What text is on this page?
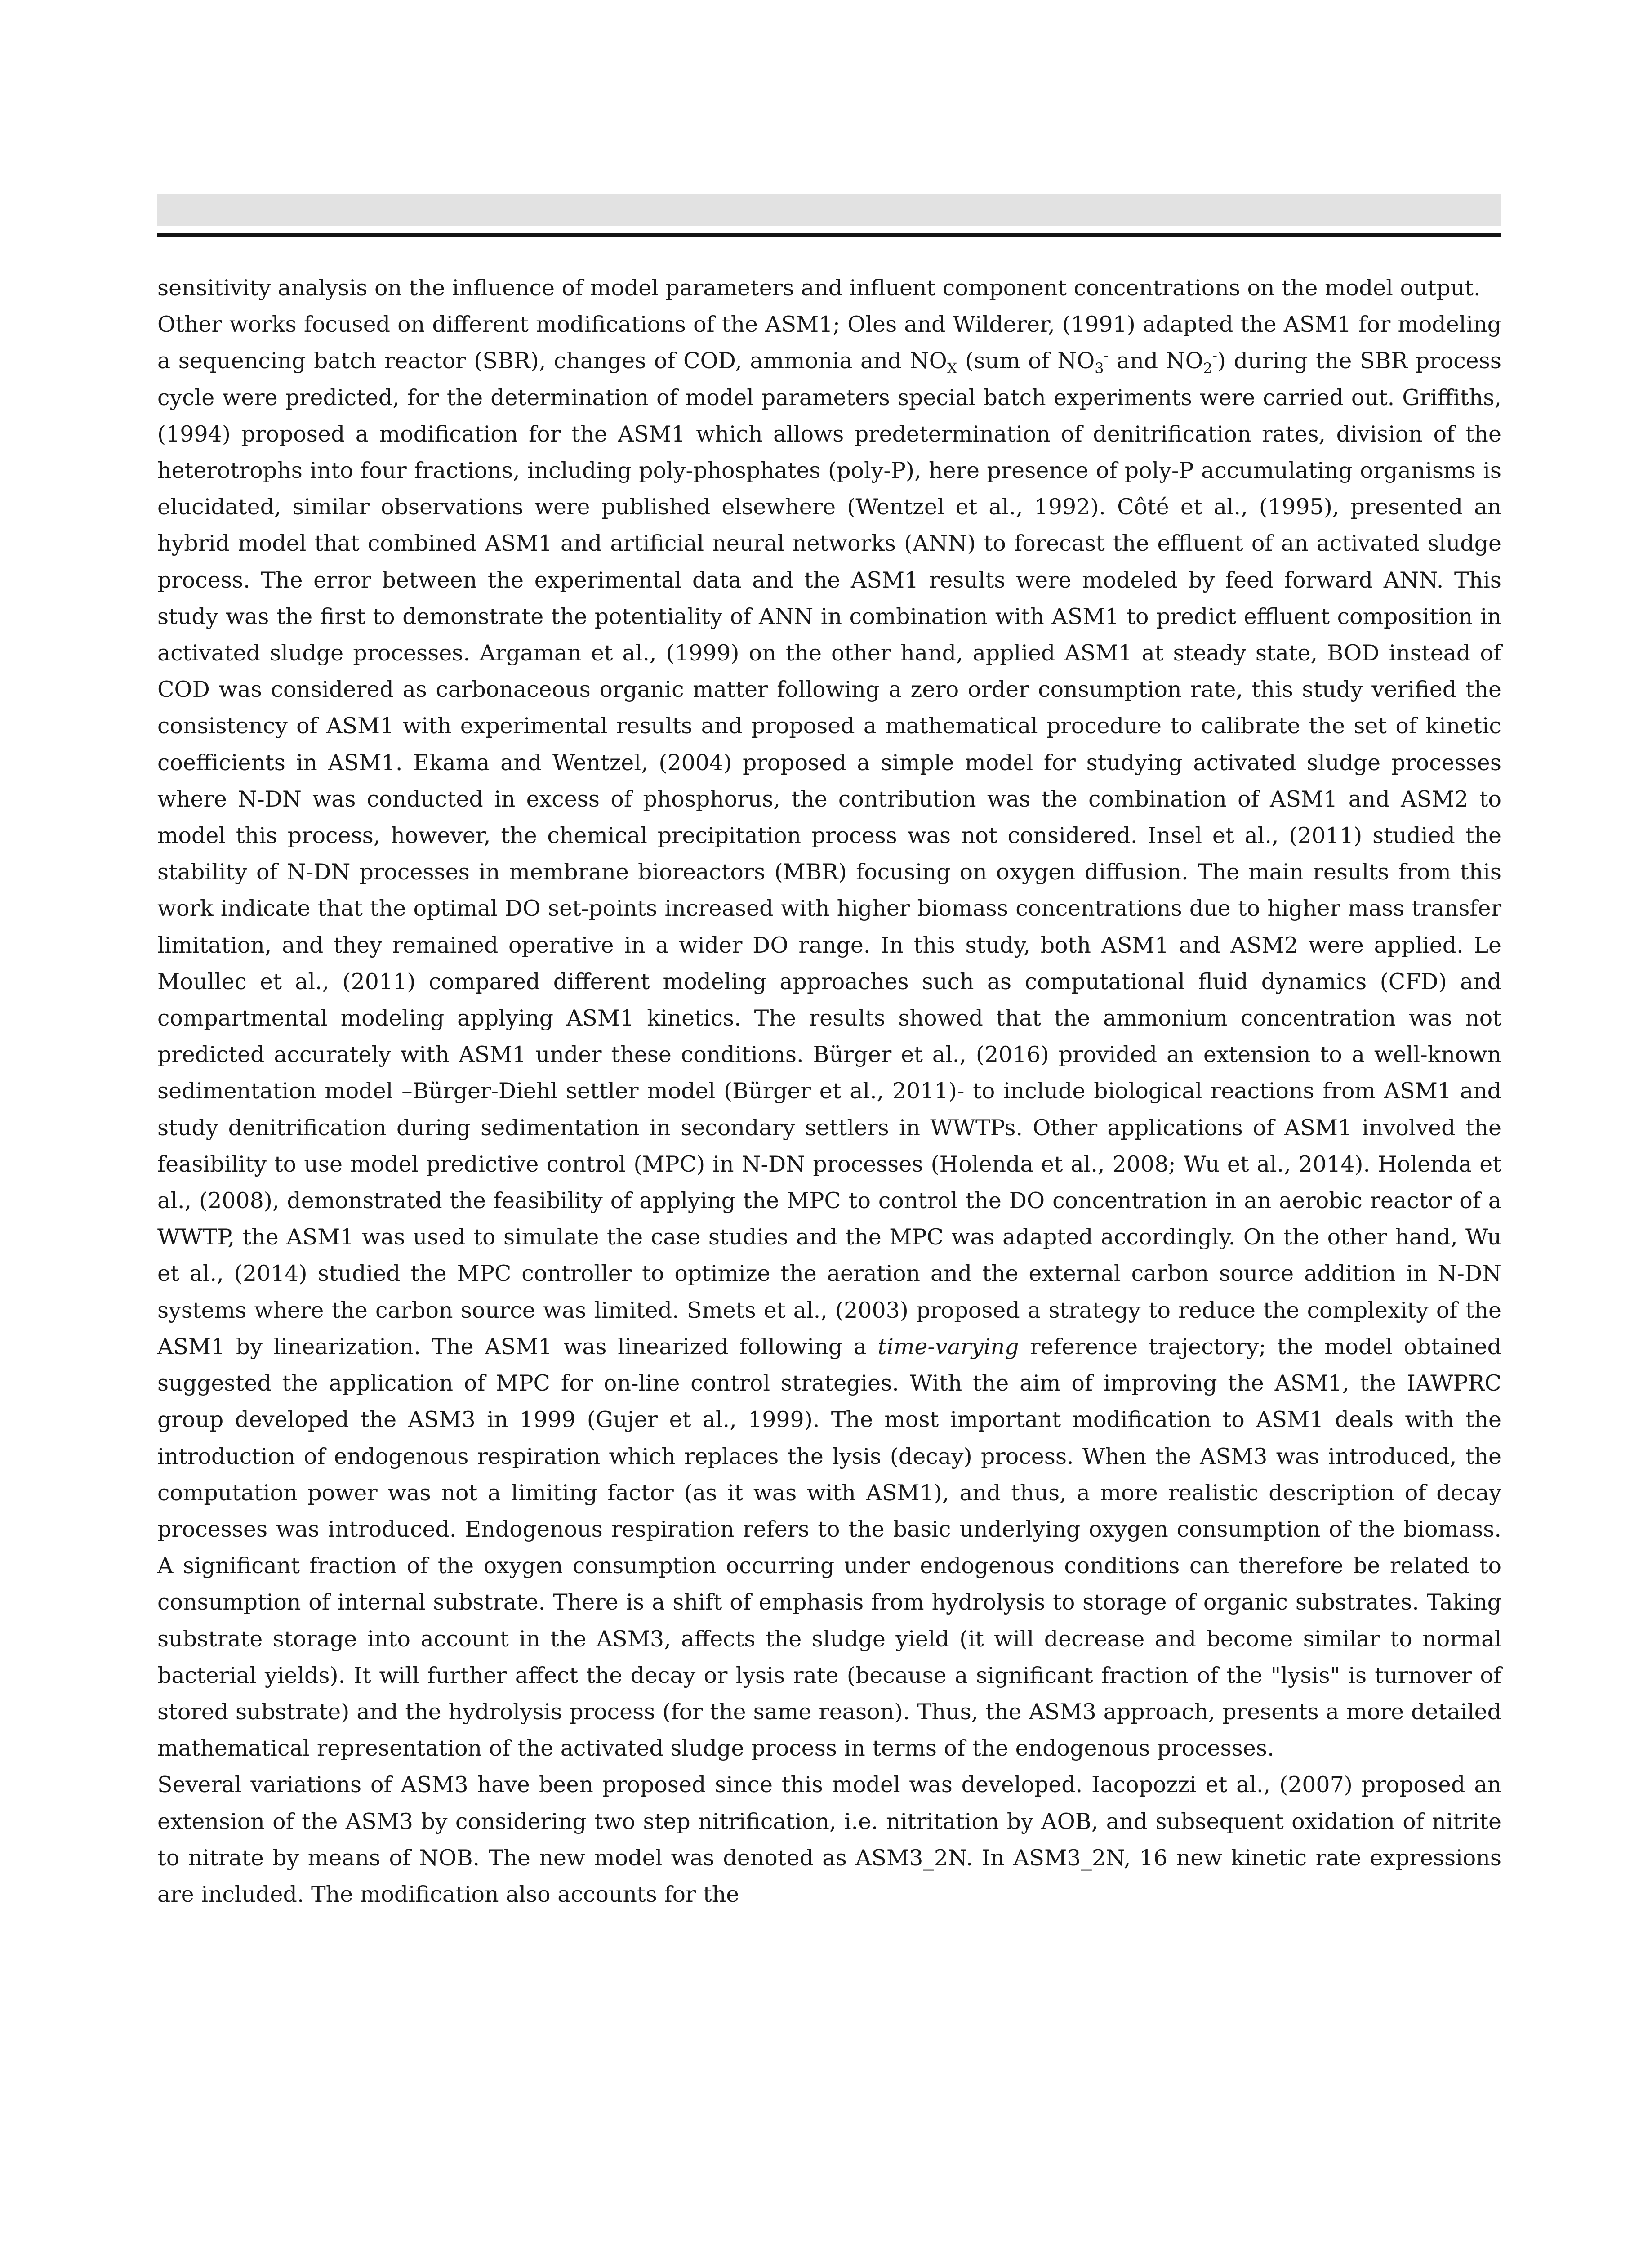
sensitivity analysis on the influence of model parameters and influent component concentrations on the model output.

Other works focused on different modifications of the ASM1; Oles and Wilderer, (1991) adapted the ASM1 for modeling a sequencing batch reactor (SBR), changes of COD, ammonia and $NO_X$ (sum of $NO_3^-$ and $NO_2^-$) during the SBR process cycle were predicted, for the determination of model parameters special batch experiments were carried out. Griffiths, (1994) proposed a modification for the ASM1 which allows predetermination of denitrification rates, division of the heterotrophs into four fractions, including poly-phosphates (poly-P), here presence of poly-P accumulating organisms is elucidated, similar observations were published elsewhere (Wentzel et al., 1992). Côté et al., (1995), presented an hybrid model that combined ASM1 and artificial neural networks (ANN) to forecast the effluent of an activated sludge process. The error between the experimental data and the ASM1 results were modeled by feed forward ANN. This study was the first to demonstrate the potentiality of ANN in combination with ASM1 to predict effluent composition in activated sludge processes. Argaman et al., (1999) on the other hand, applied ASM1 at steady state, BOD instead of COD was considered as carbonaceous organic matter following a zero order consumption rate, this study verified the consistency of ASM1 with experimental results and proposed a mathematical procedure to calibrate the set of kinetic coefficients in ASM1. Ekama and Wentzel, (2004) proposed a simple model for studying activated sludge processes where N-DN was conducted in excess of phosphorus, the contribution was the combination of ASM1 and ASM2 to model this process, however, the chemical precipitation process was not considered. Insel et al., (2011) studied the stability of N-DN processes in membrane bioreactors (MBR) focusing on oxygen diffusion. The main results from this work indicate that the optimal DO set-points increased with higher biomass concentrations due to higher mass transfer limitation, and they remained operative in a wider DO range. In this study, both ASM1 and ASM2 were applied. Le Moullec et al., (2011) compared different modeling approaches such as computational fluid dynamics (CFD) and compartmental modeling applying ASM1 kinetics. The results showed that the ammonium concentration was not predicted accurately with ASM1 under these conditions. Bürger et al., (2016) provided an extension to a well-known sedimentation model –Bürger-Diehl settler model (Bürger et al., 2011)- to include biological reactions from ASM1 and study denitrification during sedimentation in secondary settlers in WWTPs. Other applications of ASM1 involved the feasibility to use model predictive control (MPC) in N-DN processes (Holenda et al., 2008; Wu et al., 2014). Holenda et al., (2008), demonstrated the feasibility of applying the MPC to control the DO concentration in an aerobic reactor of a WWTP, the ASM1 was used to simulate the case studies and the MPC was adapted accordingly. On the other hand, Wu et al., (2014) studied the MPC controller to optimize the aeration and the external carbon source addition in N-DN systems where the carbon source was limited. Smets et al., (2003) proposed a strategy to reduce the complexity of the ASM1 by linearization. The ASM1 was linearized following a time-varying reference trajectory; the model obtained suggested the application of MPC for on-line control strategies. With the aim of improving the ASM1, the IAWPRC group developed the ASM3 in 1999 (Gujer et al., 1999). The most important modification to ASM1 deals with the introduction of endogenous respiration which replaces the lysis (decay) process. When the ASM3 was introduced, the computation power was not a limiting factor (as it was with ASM1), and thus, a more realistic description of decay processes was introduced. Endogenous respiration refers to the basic underlying oxygen consumption of the biomass. A significant fraction of the oxygen consumption occurring under endogenous conditions can therefore be related to consumption of internal substrate. There is a shift of emphasis from hydrolysis to storage of organic substrates. Taking substrate storage into account in the ASM3, affects the sludge yield (it will decrease and become similar to normal bacterial yields). It will further affect the decay or lysis rate (because a significant fraction of the "lysis" is turnover of stored substrate) and the hydrolysis process (for the same reason). Thus, the ASM3 approach, presents a more detailed mathematical representation of the activated sludge process in terms of the endogenous processes.

Several variations of ASM3 have been proposed since this model was developed. Iacopozzi et al., (2007) proposed an extension of the ASM3 by considering two step nitrification, i.e. nitritation by AOB, and subsequent oxidation of nitrite to nitrate by means of NOB. The new model was denoted as ASM3_2N. In ASM3_2N, 16 new kinetic rate expressions are included. The modification also accounts for the
